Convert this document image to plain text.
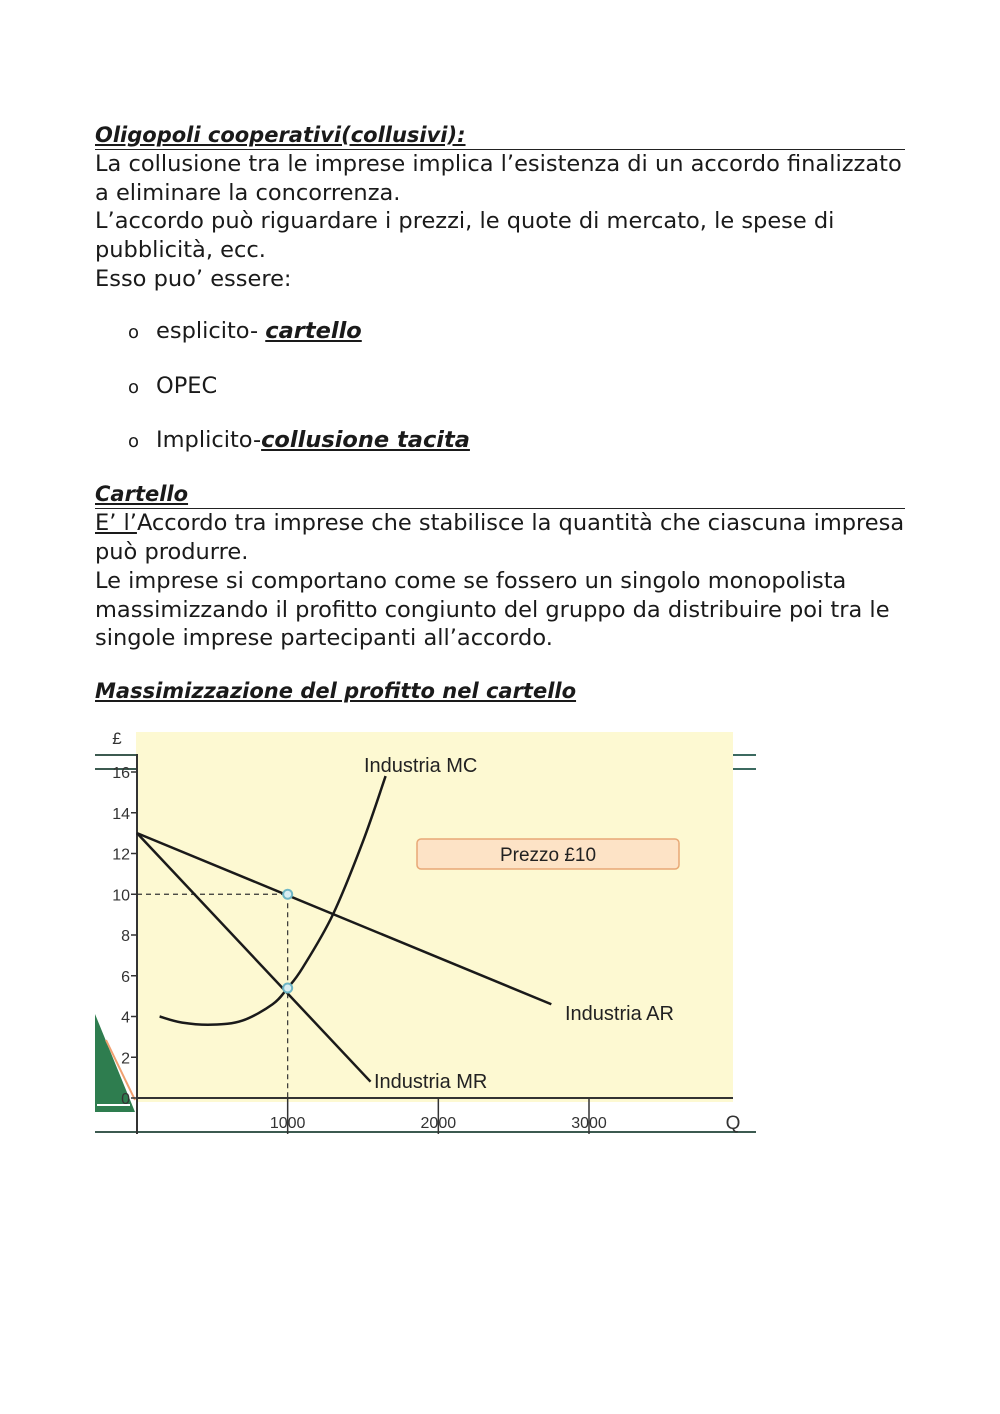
Oligopoli cooperativi(collusivi):

La collusione tra le imprese implica l’esistenza di un accordo finalizzato a eliminare la concorrenza.

L’accordo può riguardare i prezzi, le quote di mercato, le spese di pubblicità, ecc.

Esso puo’ essere:

o esplicito- cartello
o OPEC
o Implicito-collusione tacita
Cartello

E’ l’Accordo tra imprese che stabilisce la quantità che ciascuna impresa può produrre.

Le imprese si comportano come se fossero un singolo monopolista massimizzando il profitto congiunto del gruppo da distribuire poi tra le singole imprese partecipanti all’accordo.

Massimizzazione del profitto nel cartello
0
2
4
6
8
10
12
14
16
1000	2000	3000
Prezzo £10
£
Q
Industria MC
Industria AR
Industria MR
